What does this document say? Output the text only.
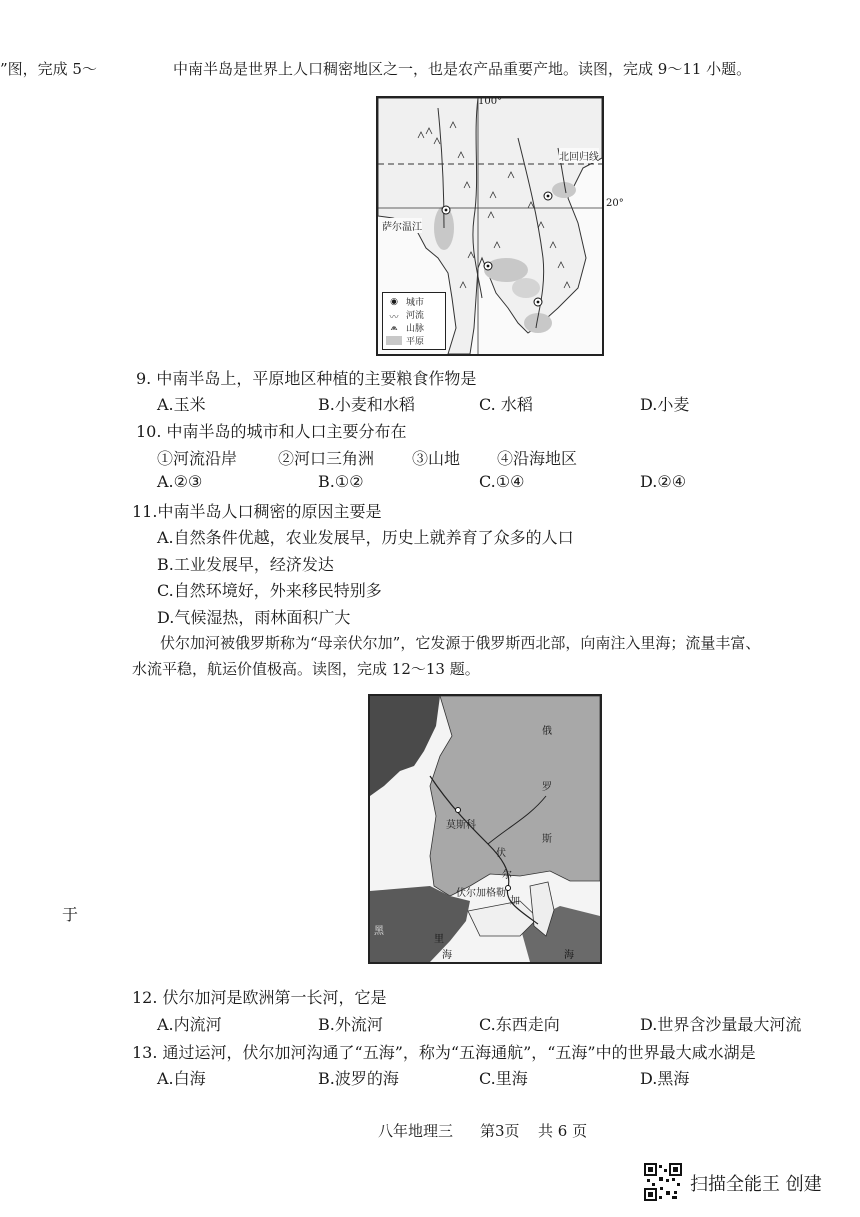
”图，完成 5～	中南半岛是世界上人口稠密地区之一，也是农产品重要产地。读图，完成 9～11 小题。
100°
北回归线
萨尔温江
◉ 城市
〰 河流
⩕ 山脉
平原
20°
9. 中南半岛上，平原地区种植的主要粮食作物是
A.玉米	B.小麦和水稻	C. 水稻	D.小麦
10. 中南半岛的城市和人口主要分布在
①河流沿岸	②河口三角洲 ③山地 ④沿海地区
A.②③	B.①②	C.①④	D.②④
11.中南半岛人口稠密的原因主要是
A.自然条件优越，农业发展早，历史上就养育了众多的人口
B.工业发展早，经济发达
C.自然环境好，外来移民特别多
D.气候湿热，雨林面积广大
伏尔加河被俄罗斯称为“母亲伏尔加”，它发源于俄罗斯西北部，向南注入里海；流量丰富、
水流平稳，航运价值极高。读图，完成 12～13 题。
俄
罗
斯
莫斯科
伏尔加格勒
伏
尔
加
里
海
黑
海
于
12. 伏尔加河是欧洲第一长河，它是
A.内流河	B.外流河	C.东西走向	D.世界含沙量最大河流
13. 通过运河，伏尔加河沟通了“五海”，称为“五海通航”，“五海”中的世界最大咸水湖是
A.白海	B.波罗的海	C.里海	D.黑海
八年地理三 第3页 共 6 页
扫描全能王 创建
